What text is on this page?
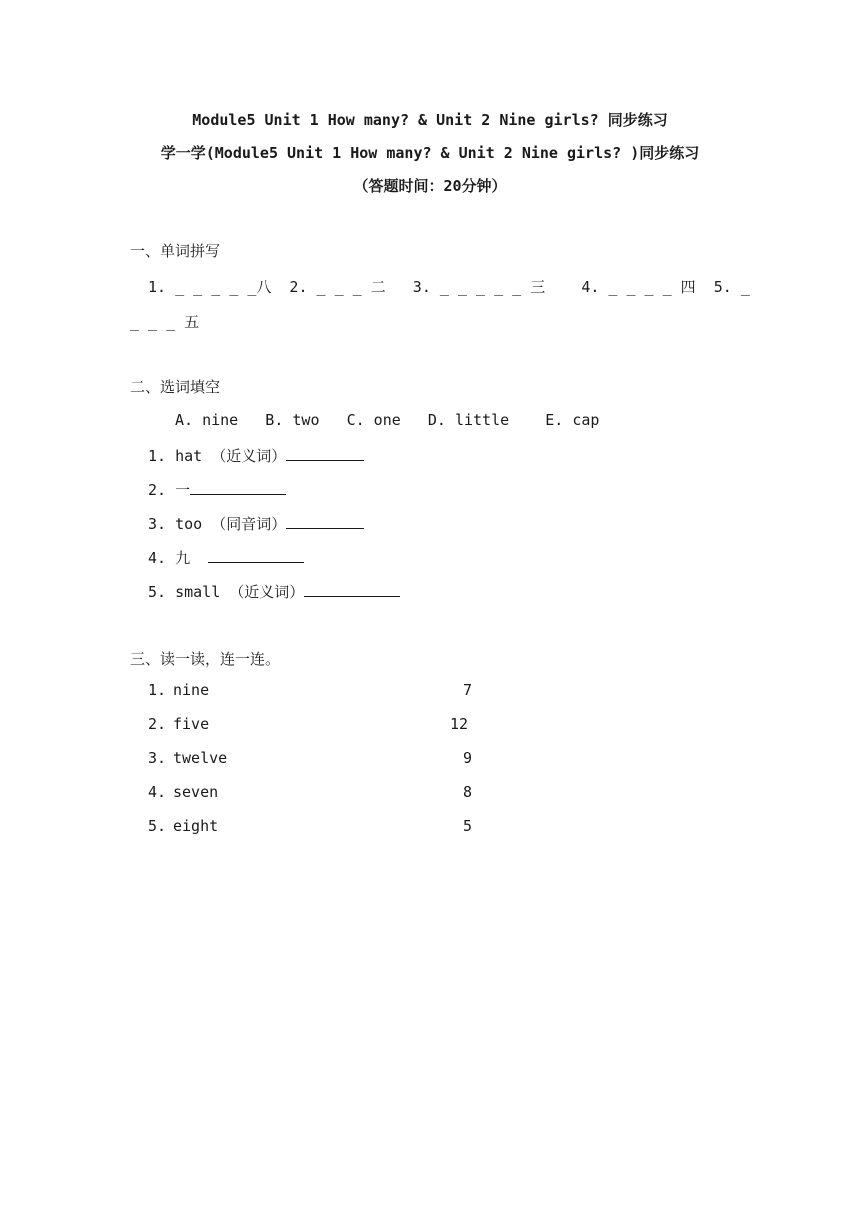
Module5 Unit 1 How many? & Unit 2 Nine girls? 同步练习
学一学(Module5 Unit 1 How many? & Unit 2 Nine girls? )同步练习
（答题时间：20分钟）
一、单词拼写
1. _ _ _ _ _八  2. _ _ _ 二   3. _ _ _ _ _ 三    4. _ _ _ _ 四  5. _
_ _ _ 五
二、选词填空
A. nine   B. two   C. one   D. little    E. cap
1. hat （近义词）
2. 一
3. too （同音词）
4. 九
5. small （近义词）
三、读一读，连一连。
1. nine	7
2. five	12
3. twelve	9
4. seven	8
5. eight	5
